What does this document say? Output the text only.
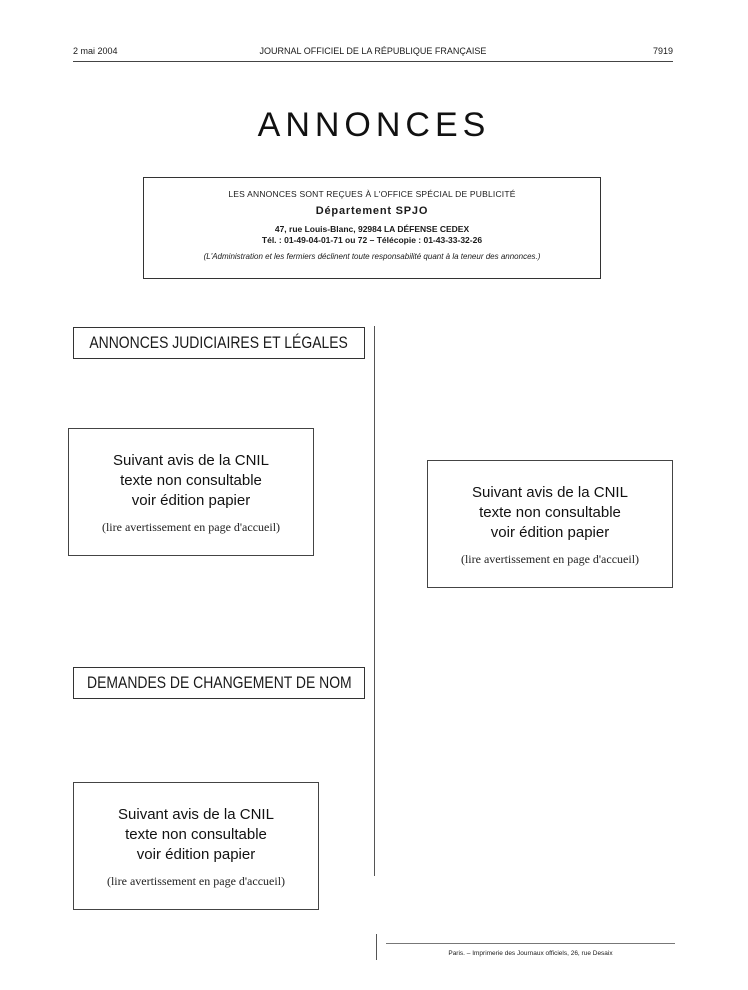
2 mai 2004	JOURNAL OFFICIEL DE LA RÉPUBLIQUE FRANÇAISE	7919
ANNONCES
LES ANNONCES SONT REÇUES À L'OFFICE SPÉCIAL DE PUBLICITÉ
Département SPJO
47, rue Louis-Blanc, 92984 LA DÉFENSE CEDEX
Tél. : 01-49-04-01-71 ou 72 – Télécopie : 01-43-33-32-26
(L'Administration et les fermiers déclinent toute responsabilité quant à la teneur des annonces.)
ANNONCES JUDICIAIRES ET LÉGALES
Suivant avis de la CNIL
texte non consultable
voir édition papier
(lire avertissement en page d'accueil)
Suivant avis de la CNIL
texte non consultable
voir édition papier
(lire avertissement en page d'accueil)
DEMANDES DE CHANGEMENT DE NOM
Suivant avis de la CNIL
texte non consultable
voir édition papier
(lire avertissement en page d'accueil)
Paris. – Imprimerie des Journaux officiels, 26, rue Desaix
